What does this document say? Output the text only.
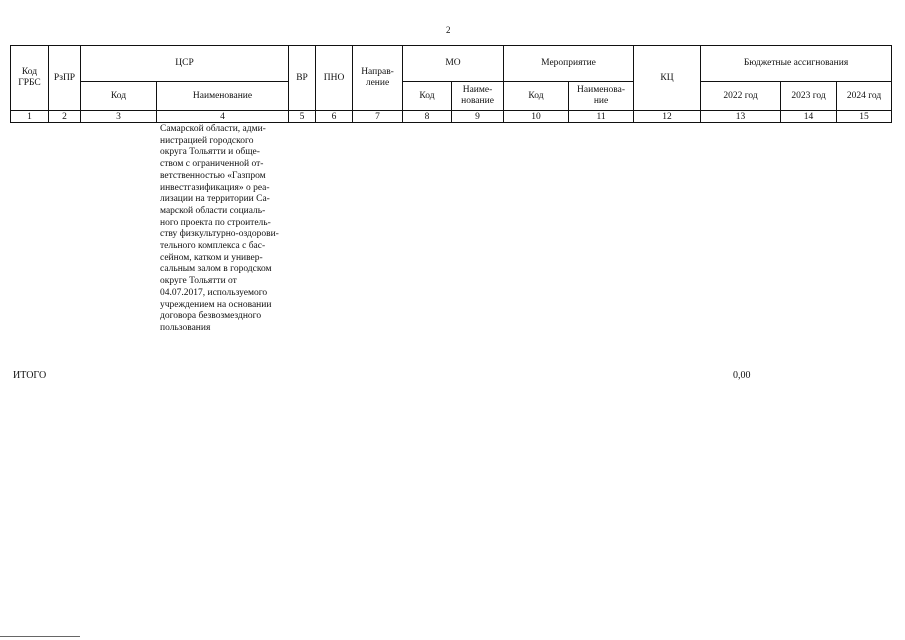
2
Код ГРБС	РзПР	ЦСР		ВР	ПНО	Направ-ление	МО		Мероприятие		КЦ	Бюджетные ассигнования		
		Код	Наименование				Код	Наиме-нование	Код	Наименова-ние		2022 год	2023 год	2024 год
1	2	3	4	5	6	7	8	9	10	11	12	13	14	15
Самарской области, адми-
нистрацией городского
округа Тольятти и обще-
ством с ограниченной от-
ветственностью «Газпром
инвестгазификация» о реа-
лизации на территории Са-
марской области социаль-
ного проекта по строитель-
ству физкультурно-оздорови-
тельного комплекса с бас-
сейном, катком и универ-
сальным залом в городском
округе Тольятти от
04.07.2017, используемого
учреждением на основании
договора безвозмездного
пользования
ИТОГО	0,00
